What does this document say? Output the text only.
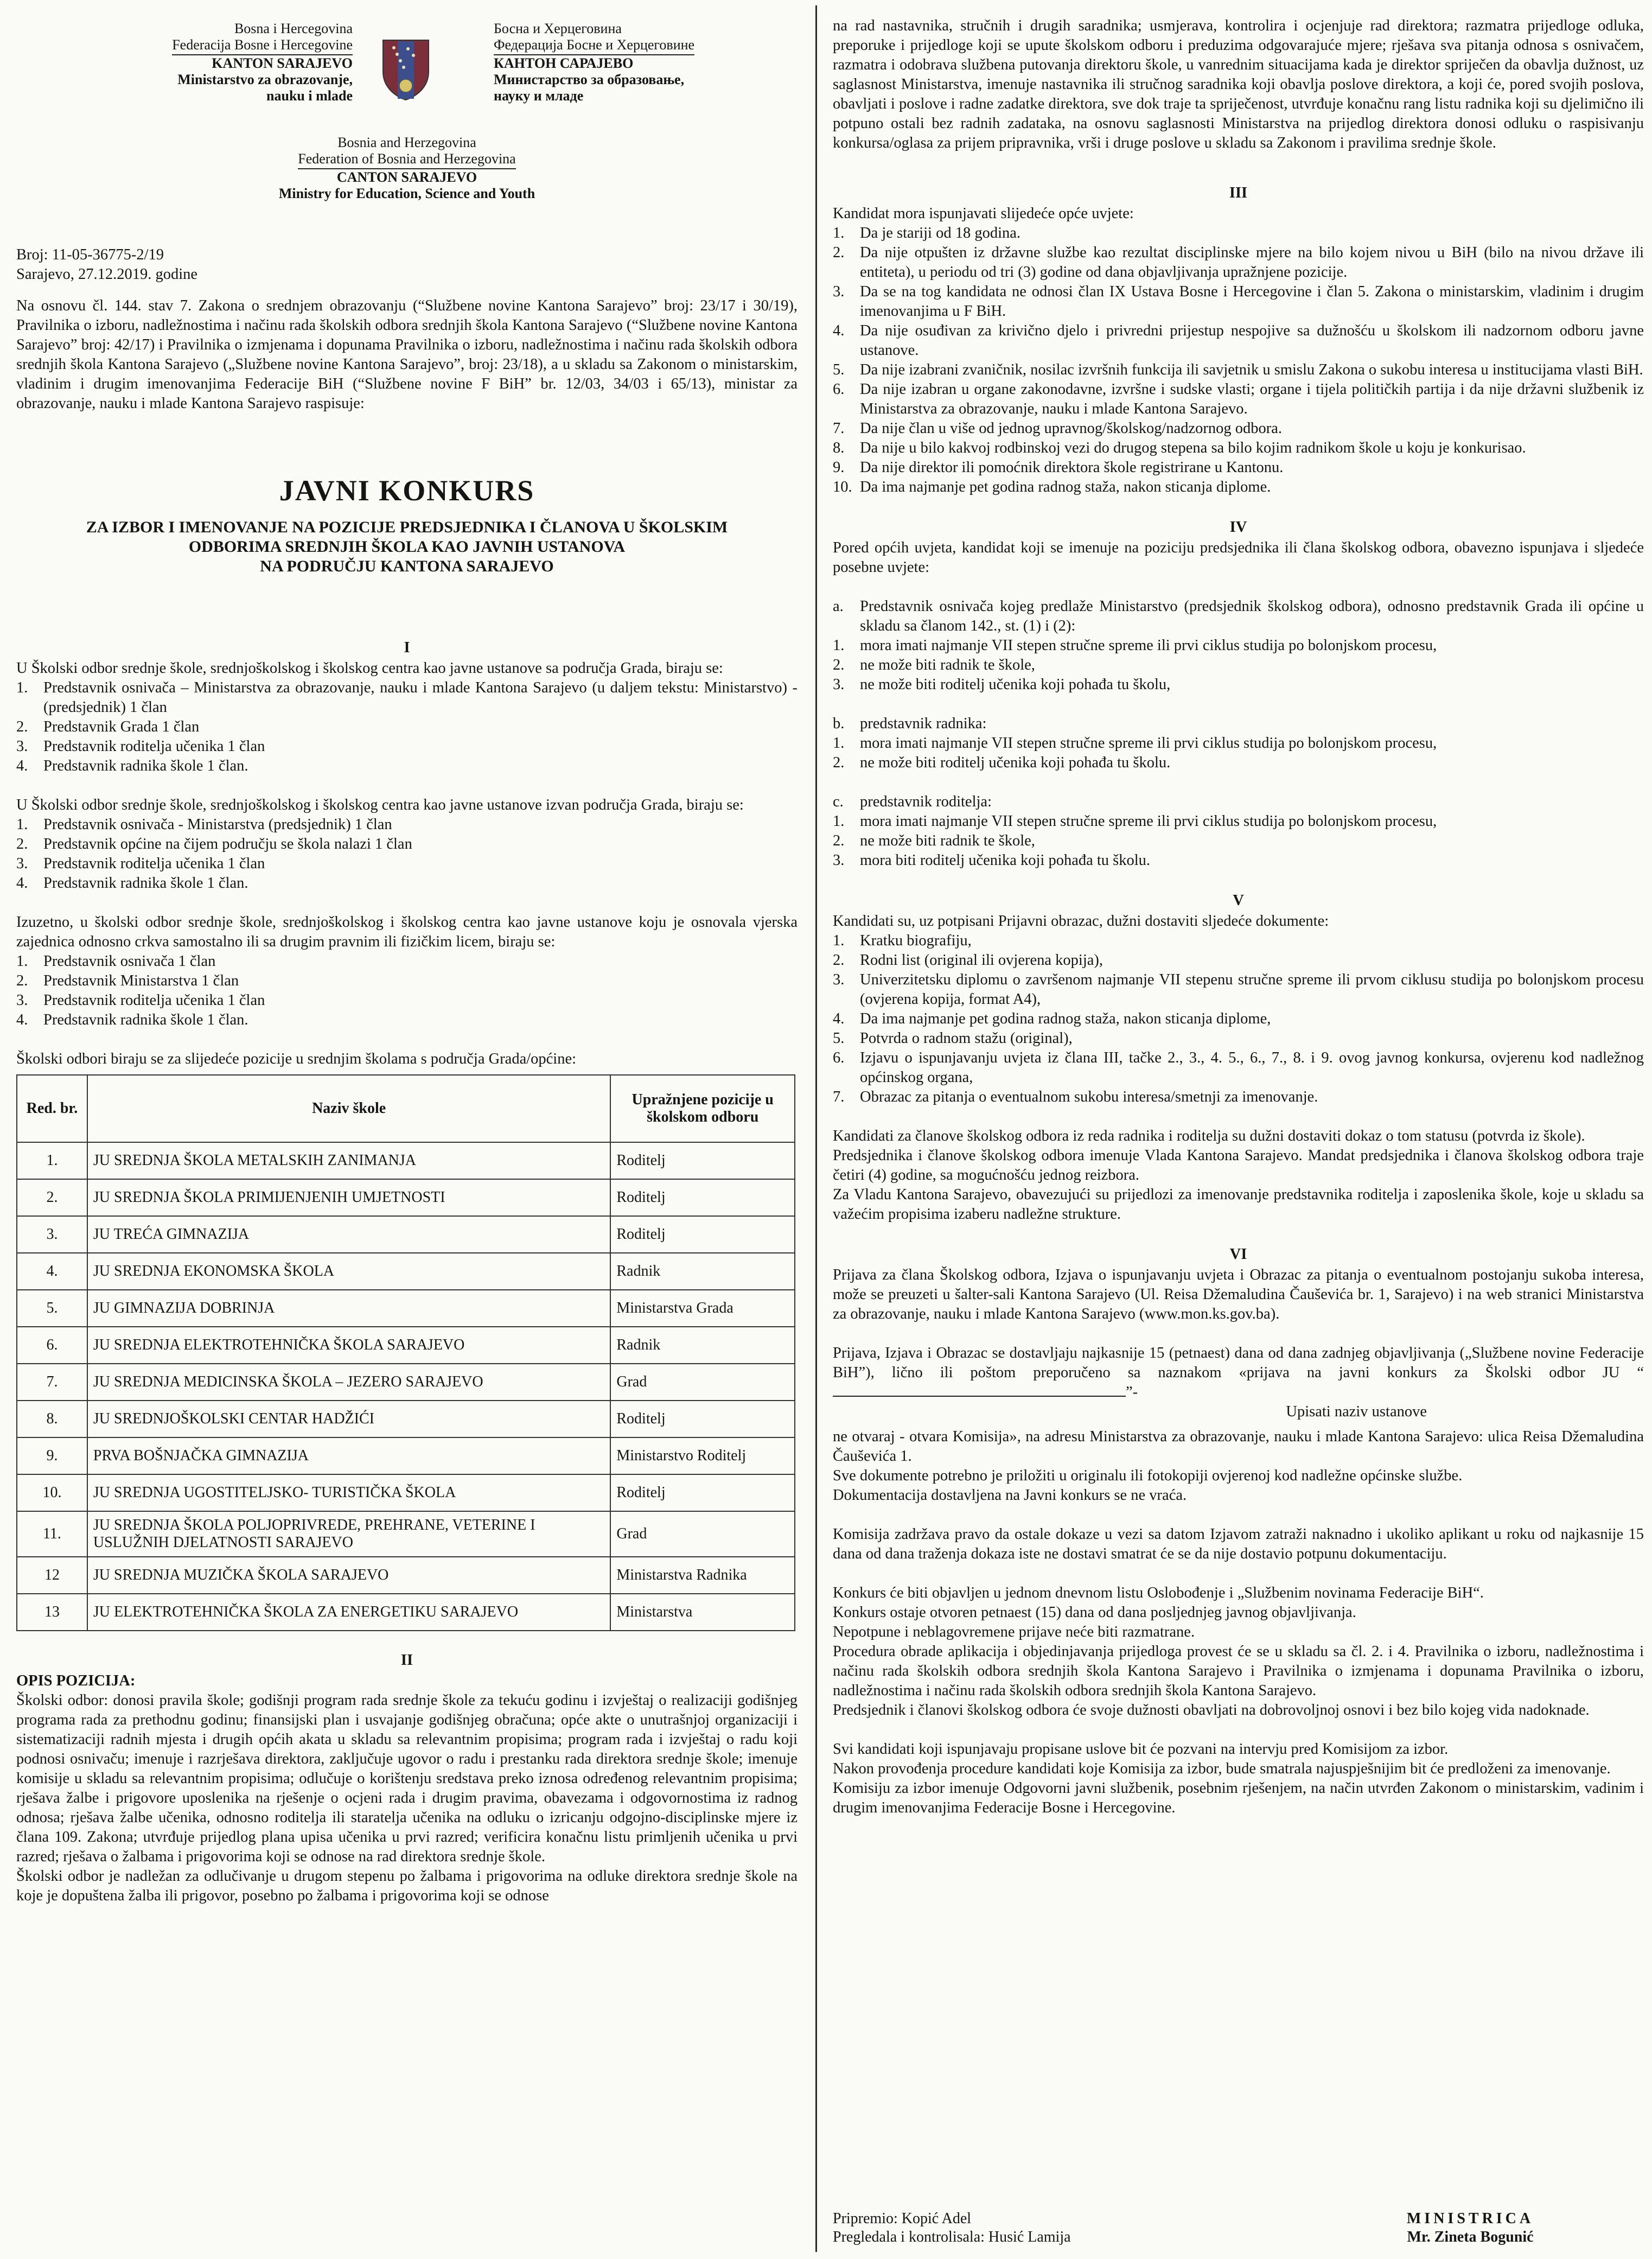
Bosna i Hercegovina
Federacija Bosne i Hercegovine
KANTON SARAJEVO
Ministarstvo za obrazovanje,
nauku i mlade
Босна и Херцеговина
Федерација Босне и Херцеговине
КАНТОН САРАЈЕВО
Министарство за образовање,
науку и младе
Bosnia and Herzegovina
Federation of Bosnia and Herzegovina
CANTON SARAJEVO
Ministry for Education, Science and Youth

Broj: 11-05-36775-2/19

Sarajevo, 27.12.2019. godine

Na osnovu čl. 144. stav 7. Zakona o srednjem obrazovanju (“Službene novine Kantona Sarajevo” broj: 23/17 i 30/19), Pravilnika o izboru, nadležnostima i načinu rada školskih odbora srednjih škola Kantona Sarajevo (“Službene novine Kantona Sarajevo” broj: 42/17) i Pravilnika o izmjenama i dopunama Pravilnika o izboru, nadležnostima i načinu rada školskih odbora srednjih škola Kantona Sarajevo („Službene novine Kantona Sarajevo”, broj: 23/18), a u skladu sa Zakonom o ministarskim, vladinim i drugim imenovanjima Federacije BiH (“Službene novine F BiH” br. 12/03, 34/03 i 65/13), ministar za obrazovanje, nauku i mlade Kantona Sarajevo raspisuje:

JAVNI KONKURS

ZA IZBOR I IMENOVANJE NA POZICIJE PREDSJEDNIKA I ČLANOVA U ŠKOLSKIM

ODBORIMA SREDNJIH ŠKOLA KAO JAVNIH USTANOVA

NA PODRUČJU KANTONA SARAJEVO

I

U Školski odbor srednje škole, srednjoškolskog i školskog centra kao javne ustanove sa područja Grada, biraju se:

1.	Predstavnik osnivača – Ministarstva za obrazovanje, nauku i mlade Kantona Sarajevo (u daljem tekstu: Ministarstvo) - (predsjednik) 1 član
2.	Predstavnik Grada 1 član
3.	Predstavnik roditelja učenika 1 član
4.	Predstavnik radnika škole 1 član.

U Školski odbor srednje škole, srednjoškolskog i školskog centra kao javne ustanove izvan područja Grada, biraju se:

1.	Predstavnik osnivača - Ministarstva (predsjednik) 1 član
2.	Predstavnik općine na čijem području se škola nalazi 1 član
3.	Predstavnik roditelja učenika 1 član
4.	Predstavnik radnika škole 1 član.

Izuzetno, u školski odbor srednje škole, srednjoškolskog i školskog centra kao javne ustanove koju je osnovala vjerska zajednica odnosno crkva samostalno ili sa drugim pravnim ili fizičkim licem, biraju se:

1.	Predstavnik osnivača 1 član
2.	Predstavnik Ministarstva 1 član
3.	Predstavnik roditelja učenika 1 član
4.	Predstavnik radnika škole 1 član.

Školski odbori biraju se za slijedeće pozicije u srednjim školama s područja Grada/općine:

Red. br.	Naziv škole	Upražnjene pozicije u školskom odboru
1.	JU SREDNJA ŠKOLA METALSKIH ZANIMANJA	Roditelj
2.	JU SREDNJA ŠKOLA PRIMIJENJENIH UMJETNOSTI	Roditelj
3.	JU TREĆA GIMNAZIJA	Roditelj
4.	JU SREDNJA EKONOMSKA ŠKOLA	Radnik
5.	JU GIMNAZIJA DOBRINJA	Ministarstva Grada
6.	JU SREDNJA ELEKTROTEHNIČKA ŠKOLA SARAJEVO	Radnik
7.	JU SREDNJA MEDICINSKA ŠKOLA – JEZERO SARAJEVO	Grad
8.	JU SREDNJOŠKOLSKI CENTAR HADŽIĆI	Roditelj
9.	PRVA BOŠNJAČKA GIMNAZIJA	Ministarstvo Roditelj
10.	JU SREDNJA UGOSTITELJSKO- TURISTIČKA ŠKOLA	Roditelj
11.	JU SREDNJA ŠKOLA POLJOPRIVREDE, PREHRANE, VETERINE I USLUŽNIH DJELATNOSTI SARAJEVO	Grad
12	JU SREDNJA MUZIČKA ŠKOLA SARAJEVO	Ministarstva Radnika
13	JU ELEKTROTEHNIČKA ŠKOLA ZA ENERGETIKU SARAJEVO	Ministarstva

II

OPIS POZICIJA:

Školski odbor: donosi pravila škole; godišnji program rada srednje škole za tekuću godinu i izvještaj o realizaciji godišnjeg programa rada za prethodnu godinu; finansijski plan i usvajanje godišnjeg obračuna; opće akte o unutrašnjoj organizaciji i sistematizaciji radnih mjesta i drugih općih akata u skladu sa relevantnim propisima; program rada i izvještaj o radu koji podnosi osnivaču; imenuje i razrješava direktora, zaključuje ugovor o radu i prestanku rada direktora srednje škole; imenuje komisije u skladu sa relevantnim propisima; odlučuje o korištenju sredstava preko iznosa određenog relevantnim propisima; rješava žalbe i prigovore uposlenika na rješenje o ocjeni rada i drugim pravima, obavezama i odgovornostima iz radnog odnosa; rješava žalbe učenika, odnosno roditelja ili staratelja učenika na odluku o izricanju odgojno-disciplinske mjere iz člana 109. Zakona; utvrđuje prijedlog plana upisa učenika u prvi razred; verificira konačnu listu primljenih učenika u prvi razred; rješava o žalbama i prigovorima koji se odnose na rad direktora srednje škole.

Školski odbor je nadležan za odlučivanje u drugom stepenu po žalbama i prigovorima na odluke direktora srednje škole na koje je dopuštena žalba ili prigovor, posebno po žalbama i prigovorima koji se odnose

na rad nastavnika, stručnih i drugih saradnika; usmjerava, kontrolira i ocjenjuje rad direktora; razmatra prijedloge odluka, preporuke i prijedloge koji se upute školskom odboru i preduzima odgovarajuće mjere; rješava sva pitanja odnosa s osnivačem, razmatra i odobrava službena putovanja direktoru škole, u vanrednim situacijama kada je direktor spriječen da obavlja dužnost, uz saglasnost Ministarstva, imenuje nastavnika ili stručnog saradnika koji obavlja poslove direktora, a koji će, pored svojih poslova, obavljati i poslove i radne zadatke direktora, sve dok traje ta spriječenost, utvrđuje konačnu rang listu radnika koji su djelimično ili potpuno ostali bez radnih zadataka, na osnovu saglasnosti Ministarstva na prijedlog direktora donosi odluku o raspisivanju konkursa/oglasa za prijem pripravnika, vrši i druge poslove u skladu sa Zakonom i pravilima srednje škole.

III

Kandidat mora ispunjavati slijedeće opće uvjete:

1.	Da je stariji od 18 godina.
2.	Da nije otpušten iz državne službe kao rezultat disciplinske mjere na bilo kojem nivou u BiH (bilo na nivou države ili entiteta), u periodu od tri (3) godine od dana objavljivanja upražnjene pozicije.
3.	Da se na tog kandidata ne odnosi član IX Ustava Bosne i Hercegovine i član 5. Zakona o ministarskim, vladinim i drugim imenovanjima u F BiH.
4.	Da nije osuđivan za krivično djelo i privredni prijestup nespojive sa dužnošću u školskom ili nadzornom odboru javne ustanove.
5.	Da nije izabrani zvaničnik, nosilac izvršnih funkcija ili savjetnik u smislu Zakona o sukobu interesa u institucijama vlasti BiH.
6.	Da nije izabran u organe zakonodavne, izvršne i sudske vlasti; organe i tijela političkih partija i da nije državni službenik iz Ministarstva za obrazovanje, nauku i mlade Kantona Sarajevo.
7.	Da nije član u više od jednog upravnog/školskog/nadzornog odbora.
8.	Da nije u bilo kakvoj rodbinskoj vezi do drugog stepena sa bilo kojim radnikom škole u koju je konkurisao.
9.	Da nije direktor ili pomoćnik direktora škole registrirane u Kantonu.
10. Da ima najmanje pet godina radnog staža, nakon sticanja diplome.

IV

Pored općih uvjeta, kandidat koji se imenuje na poziciju predsjednika ili člana školskog odbora, obavezno ispunjava i sljedeće posebne uvjete:

a.	Predstavnik osnivača kojeg predlaže Ministarstvo (predsjednik školskog odbora), odnosno predstavnik Grada ili općine u skladu sa članom 142., st. (1) i (2):
1.	mora imati najmanje VII stepen stručne spreme ili prvi ciklus studija po bolonjskom procesu,
2.	ne može biti radnik te škole,
3.	ne može biti roditelj učenika koji pohađa tu školu,
b.	predstavnik radnika:
1.	mora imati najmanje VII stepen stručne spreme ili prvi ciklus studija po bolonjskom procesu,
2.	ne može biti roditelj učenika koji pohađa tu školu.
c.	predstavnik roditelja:
1.	mora imati najmanje VII stepen stručne spreme ili prvi ciklus studija po bolonjskom procesu,
2.	ne može biti radnik te škole,
3.	mora biti roditelj učenika koji pohađa tu školu.

V

Kandidati su, uz potpisani Prijavni obrazac, dužni dostaviti sljedeće dokumente:

1.	Kratku biografiju,
2.	Rodni list (original ili ovjerena kopija),
3.	Univerzitetsku diplomu o završenom najmanje VII stepenu stručne spreme ili prvom ciklusu studija po bolonjskom procesu (ovjerena kopija, format A4),
4.	Da ima najmanje pet godina radnog staža, nakon sticanja diplome,
5.	Potvrda o radnom stažu (original),
6.	Izjavu o ispunjavanju uvjeta iz člana III, tačke 2., 3., 4. 5., 6., 7., 8. i 9. ovog javnog konkursa, ovjerenu kod nadležnog općinskog organa,
7.	Obrazac za pitanja o eventualnom sukobu interesa/smetnji za imenovanje.

Kandidati za članove školskog odbora iz reda radnika i roditelja su dužni dostaviti dokaz o tom statusu (potvrda iz škole).

Predsjednika i članove školskog odbora imenuje Vlada Kantona Sarajevo. Mandat predsjednika i članova školskog odbora traje četiri (4) godine, sa mogućnošću jednog reizbora.

Za Vladu Kantona Sarajevo, obavezujući su prijedlozi za imenovanje predstavnika roditelja i zaposlenika škole, koje u skladu sa važećim propisima izaberu nadležne strukture.

VI

Prijava za člana Školskog odbora, Izjava o ispunjavanju uvjeta i Obrazac za pitanja o eventualnom postojanju sukoba interesa, može se preuzeti u šalter-sali Kantona Sarajevo (Ul. Reisa Džemaludina Čauševića br. 1, Sarajevo) i na web stranici Ministarstva za obrazovanje, nauku i mlade Kantona Sarajevo (www.mon.ks.gov.ba).

Prijava, Izjava i Obrazac se dostavljaju najkasnije 15 (petnaest) dana od dana zadnjeg objavljivanja („Službene novine Federacije BiH”), lično ili poštom preporučeno sa naznakom «prijava na javni konkurs za Školski odbor JU “”-

Upisati naziv ustanove

ne otvaraj - otvara Komisija», na adresu Ministarstva za obrazovanje, nauku i mlade Kantona Sarajevo: ulica Reisa Džemaludina Čauševića 1.

Sve dokumente potrebno je priložiti u originalu ili fotokopiji ovjerenoj kod nadležne općinske službe.

Dokumentacija dostavljena na Javni konkurs se ne vraća.

Komisija zadržava pravo da ostale dokaze u vezi sa datom Izjavom zatraži naknadno i ukoliko aplikant u roku od najkasnije 15 dana od dana traženja dokaza iste ne dostavi smatrat će se da nije dostavio potpunu dokumentaciju.

Konkurs će biti objavljen u jednom dnevnom listu Oslobođenje i „Službenim novinama Federacije BiH“.

Konkurs ostaje otvoren petnaest (15) dana od dana posljednjeg javnog objavljivanja.

Nepotpune i neblagovremene prijave neće biti razmatrane.

Procedura obrade aplikacija i objedinjavanja prijedloga provest će se u skladu sa čl. 2. i 4. Pravilnika o izboru, nadležnostima i načinu rada školskih odbora srednjih škola Kantona Sarajevo i Pravilnika o izmjenama i dopunama Pravilnika o izboru, nadležnostima i načinu rada školskih odbora srednjih škola Kantona Sarajevo.

Predsjednik i članovi školskog odbora će svoje dužnosti obavljati na dobrovoljnoj osnovi i bez bilo kojeg vida nadoknade.

Svi kandidati koji ispunjavaju propisane uslove bit će pozvani na intervju pred Komisijom za izbor.

Nakon provođenja procedure kandidati koje Komisija za izbor, bude smatrala najuspješnijim bit će predloženi za imenovanje.

Komisiju za izbor imenuje Odgovorni javni službenik, posebnim rješenjem, na način utvrđen Zakonom o ministarskim, vadinim i drugim imenovanjima Federacije Bosne i Hercegovine.

Pripremio: Kopić Adel
Pregledala i kontrolisala: Husić Lamija
MINISTRICA
Mr. Zineta Bogunić
